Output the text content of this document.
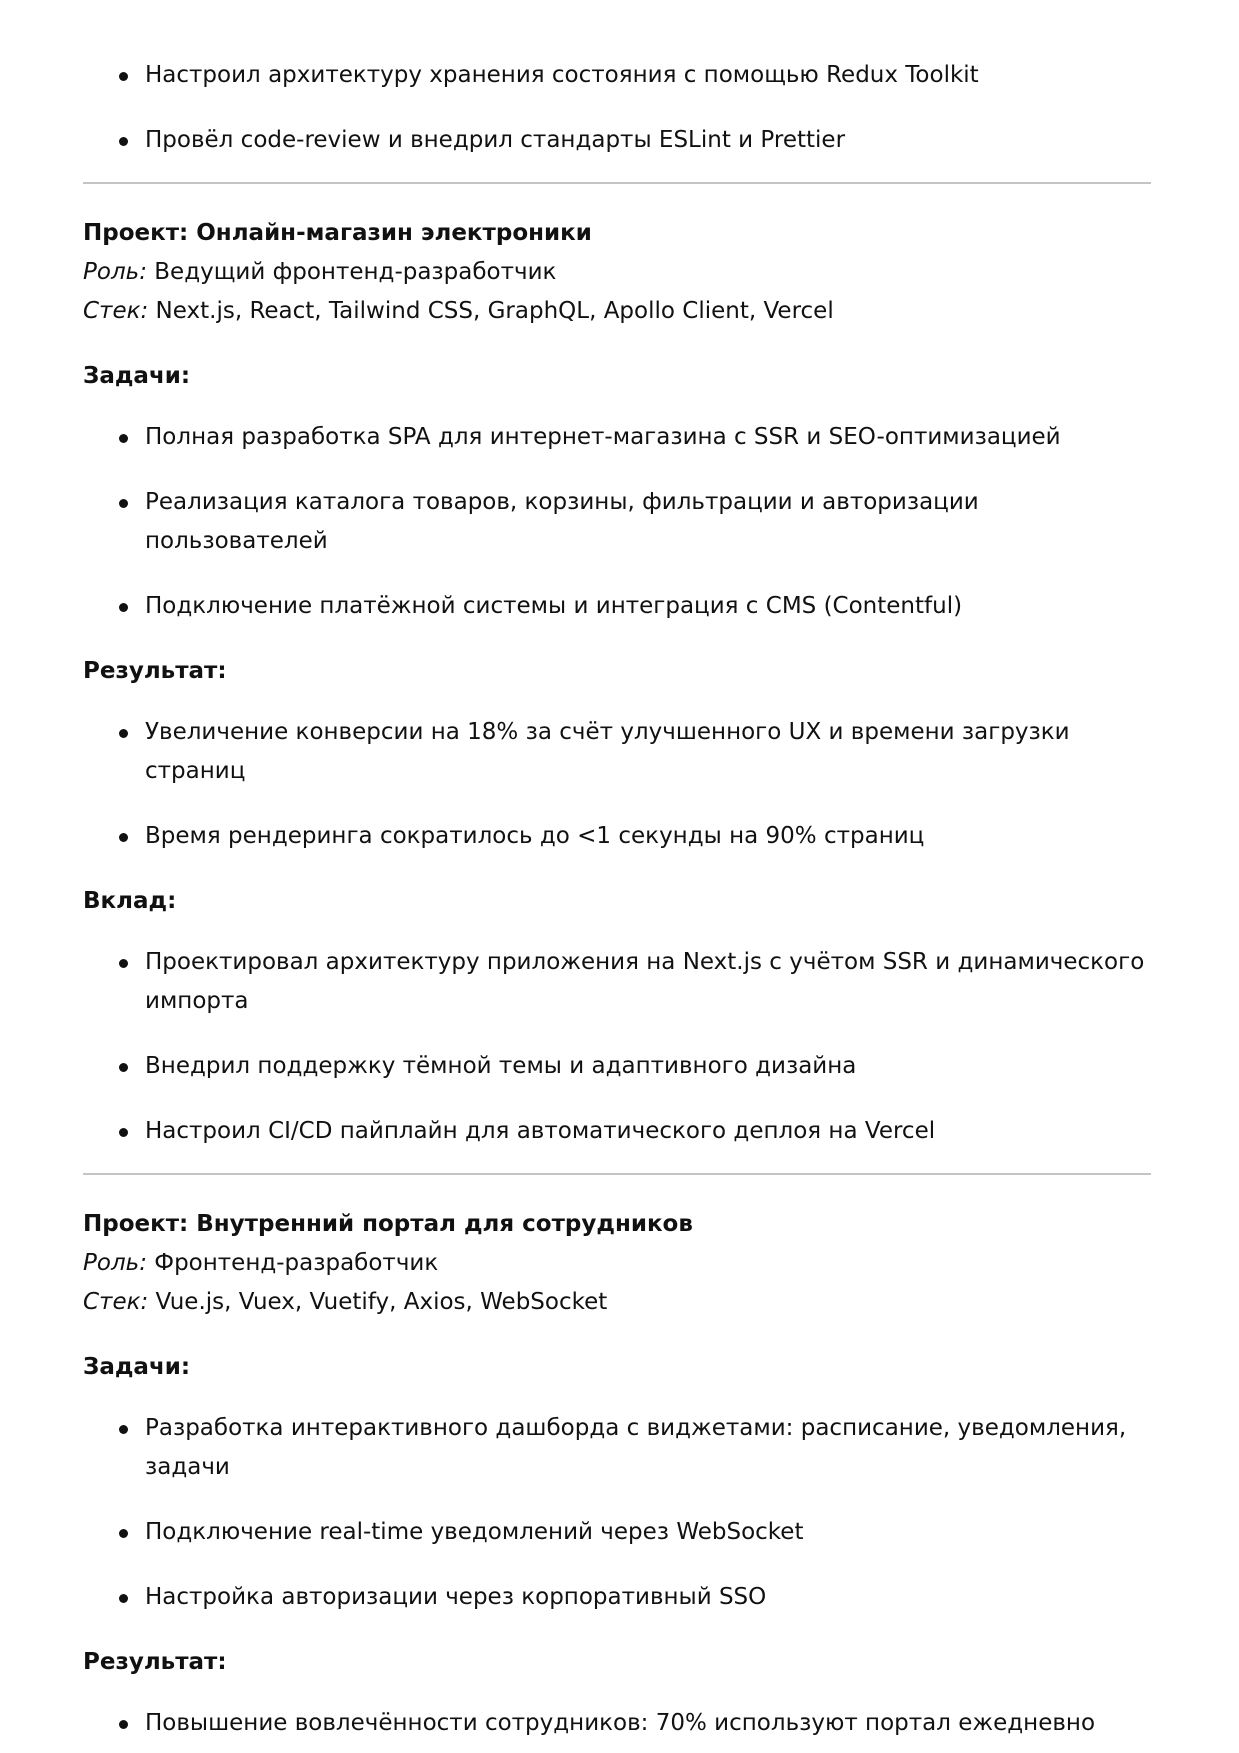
Настроил архитектуру хранения состояния с помощью Redux Toolkit
Провёл code-review и внедрил стандарты ESLint и Prettier

Проект: Онлайн-магазин электроники

Роль: Ведущий фронтенд-разработчик

Стек: Next.js, React, Tailwind CSS, GraphQL, Apollo Client, Vercel

Задачи:

Полная разработка SPA для интернет-магазина с SSR и SEO-оптимизацией
Реализация каталога товаров, корзины, фильтрации и авторизации пользователей
Подключение платёжной системы и интеграция с CMS (Contentful)

Результат:

Увеличение конверсии на 18% за счёт улучшенного UX и времени загрузки страниц
Время рендеринга сократилось до <1 секунды на 90% страниц

Вклад:

Проектировал архитектуру приложения на Next.js с учётом SSR и динамического импорта
Внедрил поддержку тёмной темы и адаптивного дизайна
Настроил CI/CD пайплайн для автоматического деплоя на Vercel

Проект: Внутренний портал для сотрудников

Роль: Фронтенд-разработчик

Стек: Vue.js, Vuex, Vuetify, Axios, WebSocket

Задачи:

Разработка интерактивного дашборда с виджетами: расписание, уведомления, задачи
Подключение real-time уведомлений через WebSocket
Настройка авторизации через корпоративный SSO

Результат:

Повышение вовлечённости сотрудников: 70% используют портал ежедневно
